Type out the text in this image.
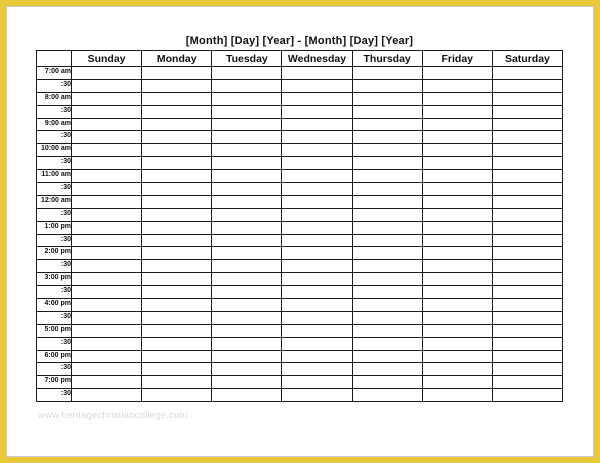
[Month] [Day] [Year] - [Month] [Day] [Year]
	Sunday	Monday	Tuesday	Wednesday	Thursday	Friday	Saturday
7:00 am							
:30							
8:00 am							
:30							
9:00 am							
:30							
10:00 am							
:30							
11:00 am							
:30							
12:00 am							
:30							
1:00 pm							
:30							
2:00 pm							
:30							
3:00 pm							
:30							
4:00 pm							
:30							
5:00 pm							
:30							
6:00 pm							
:30							
7:00 pm							
:30							
www.heritagechristiancollege.com
